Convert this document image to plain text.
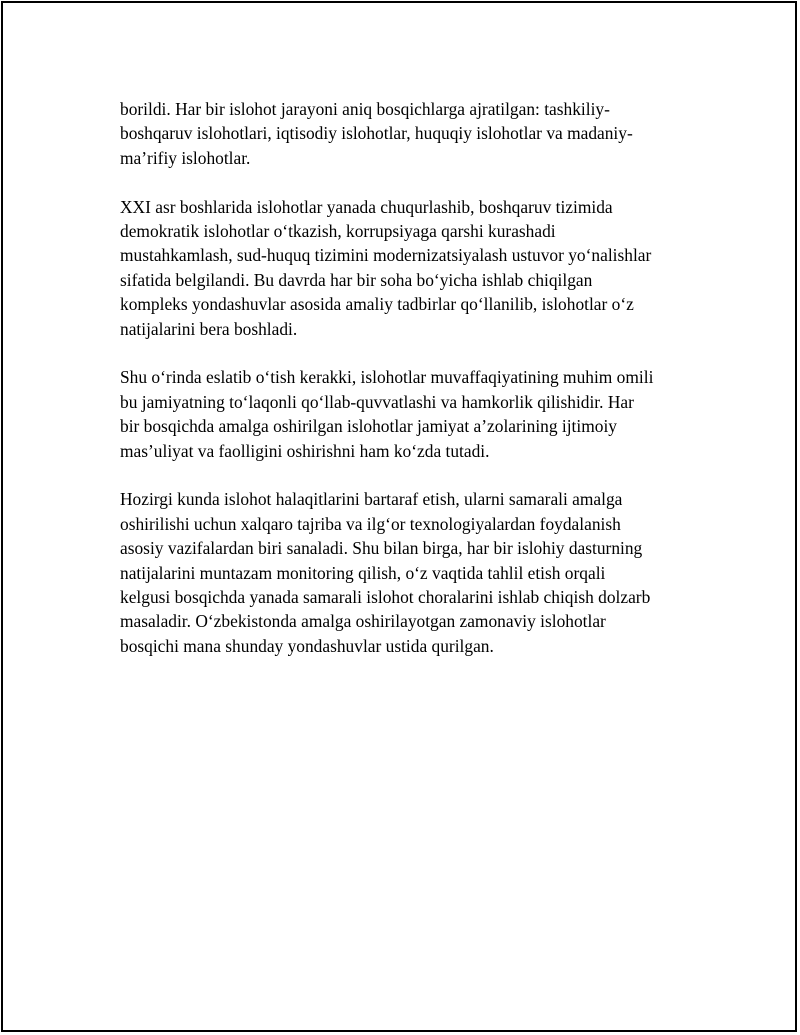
borildi. Har bir islohot jarayoni aniq bosqichlarga ajratilgan: tashkiliy-
boshqaruv islohotlari, iqtisodiy islohotlar, huquqiy islohotlar va madaniy-
ma’rifiy islohotlar.

XXI asr boshlarida islohotlar yanada chuqurlashib, boshqaruv tizimida
demokratik islohotlar o‘tkazish, korrupsiyaga qarshi kurashadi
mustahkamlash, sud-huquq tizimini modernizatsiyalash ustuvor yo‘nalishlar
sifatida belgilandi. Bu davrda har bir soha bo‘yicha ishlab chiqilgan
kompleks yondashuvlar asosida amaliy tadbirlar qo‘llanilib, islohotlar o‘z
natijalarini bera boshladi.

Shu o‘rinda eslatib o‘tish kerakki, islohotlar muvaffaqiyatining muhim omili
bu jamiyatning to‘laqonli qo‘llab-quvvatlashi va hamkorlik qilishidir. Har
bir bosqichda amalga oshirilgan islohotlar jamiyat a’zolarining ijtimoiy
mas’uliyat va faolligini oshirishni ham ko‘zda tutadi.

Hozirgi kunda islohot halaqitlarini bartaraf etish, ularni samarali amalga
oshirilishi uchun xalqaro tajriba va ilg‘or texnologiyalardan foydalanish
asosiy vazifalardan biri sanaladi. Shu bilan birga, har bir islohiy dasturning
natijalarini muntazam monitoring qilish, o‘z vaqtida tahlil etish orqali
kelgusi bosqichda yanada samarali islohot choralarini ishlab chiqish dolzarb
masaladir. O‘zbekistonda amalga oshirilayotgan zamonaviy islohotlar
bosqichi mana shunday yondashuvlar ustida qurilgan.
